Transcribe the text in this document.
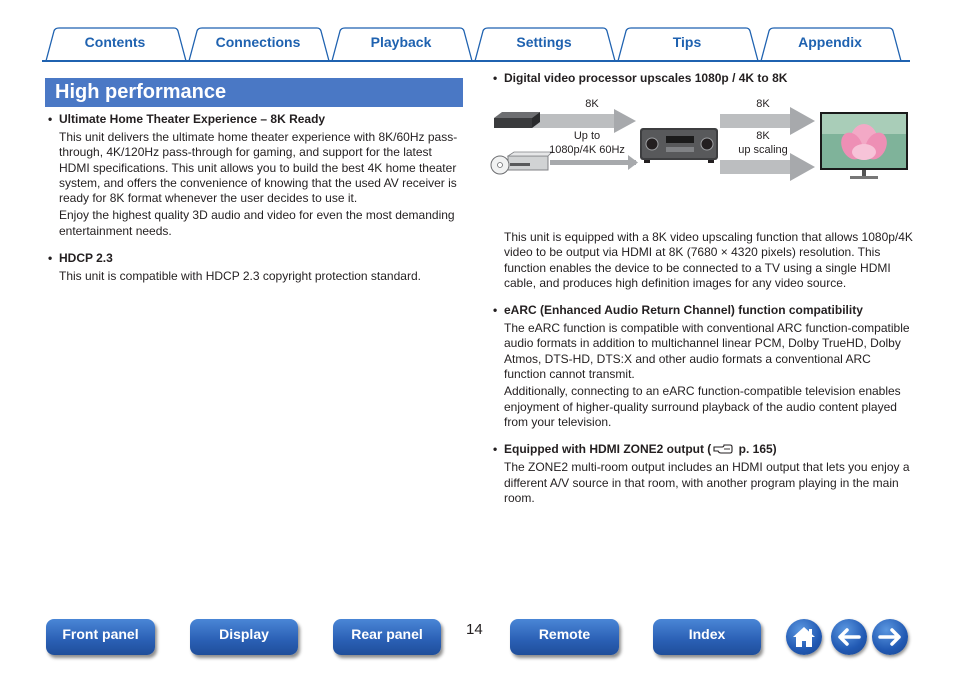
Contents	Connections	Playback	Settings	Tips	Appendix
High performance
• Ultimate Home Theater Experience – 8K Ready
This unit delivers the ultimate home theater experience with 8K/60Hz pass-through, 4K/120Hz pass-through for gaming, and support for the latest HDMI specifications. This unit allows you to build the best 4K home theater system, and offers the convenience of knowing that the used AV receiver is ready for 8K format whenever the user decides to use it.
Enjoy the highest quality 3D audio and video for even the most demanding entertainment needs.
• HDCP 2.3
This unit is compatible with HDCP 2.3 copyright protection standard.
• Digital video processor upscales 1080p / 4K to 8K
8K	8K
Up to
1080p/4K 60Hz
8K
up scaling
This unit is equipped with a 8K video upscaling function that allows 1080p/4K video to be output via HDMI at 8K (7680 × 4320 pixels) resolution. This function enables the device to be connected to a TV using a single HDMI cable, and produces high definition images for any video source.
• eARC (Enhanced Audio Return Channel) function compatibility
The eARC function is compatible with conventional ARC function-compatible audio formats in addition to multichannel linear PCM, Dolby TrueHD, Dolby Atmos, DTS-HD, DTS:X and other audio formats a conventional ARC function cannot transmit.
Additionally, connecting to an eARC function-compatible television enables enjoyment of higher-quality surround playback of the audio content played from your television.
• Equipped with HDMI ZONE2 output ( p. 165)
The ZONE2 multi-room output includes an HDMI output that lets you enjoy a different A/V source in that room, with another program playing in the main room.
Front panel	Display	Rear panel	14	Remote	Index
